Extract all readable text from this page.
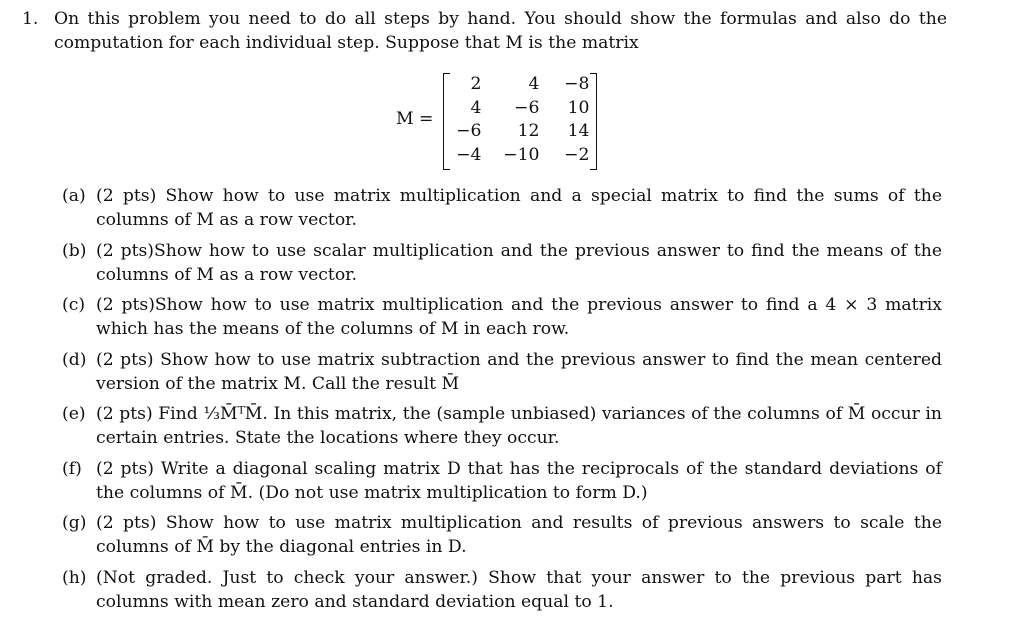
1. On this problem you need to do all steps by hand. You should show the formulas and also do the computation for each individual step. Suppose that M is the matrix
M =
2	4	−8
4	−6	10
−6	12	14
−4	−10	−2
(a) (2 pts) Show how to use matrix multiplication and a special matrix to find the sums of the columns of M as a row vector.
(b) (2 pts)Show how to use scalar multiplication and the previous answer to find the means of the columns of M as a row vector.
(c) (2 pts)Show how to use matrix multiplication and the previous answer to find a 4 × 3 matrix which has the means of the columns of M in each row.
(d) (2 pts) Show how to use matrix subtraction and the previous answer to find the mean centered version of the matrix M. Call the result M̄
(e) (2 pts) Find ⅓M̄ᵀM̄. In this matrix, the (sample unbiased) variances of the columns of M̄ occur in certain entries. State the locations where they occur.
(f) (2 pts) Write a diagonal scaling matrix D that has the reciprocals of the standard deviations of the columns of M̄. (Do not use matrix multiplication to form D.)
(g) (2 pts) Show how to use matrix multiplication and results of previous answers to scale the columns of M̄ by the diagonal entries in D.
(h) (Not graded. Just to check your answer.) Show that your answer to the previous part has columns with mean zero and standard deviation equal to 1.
